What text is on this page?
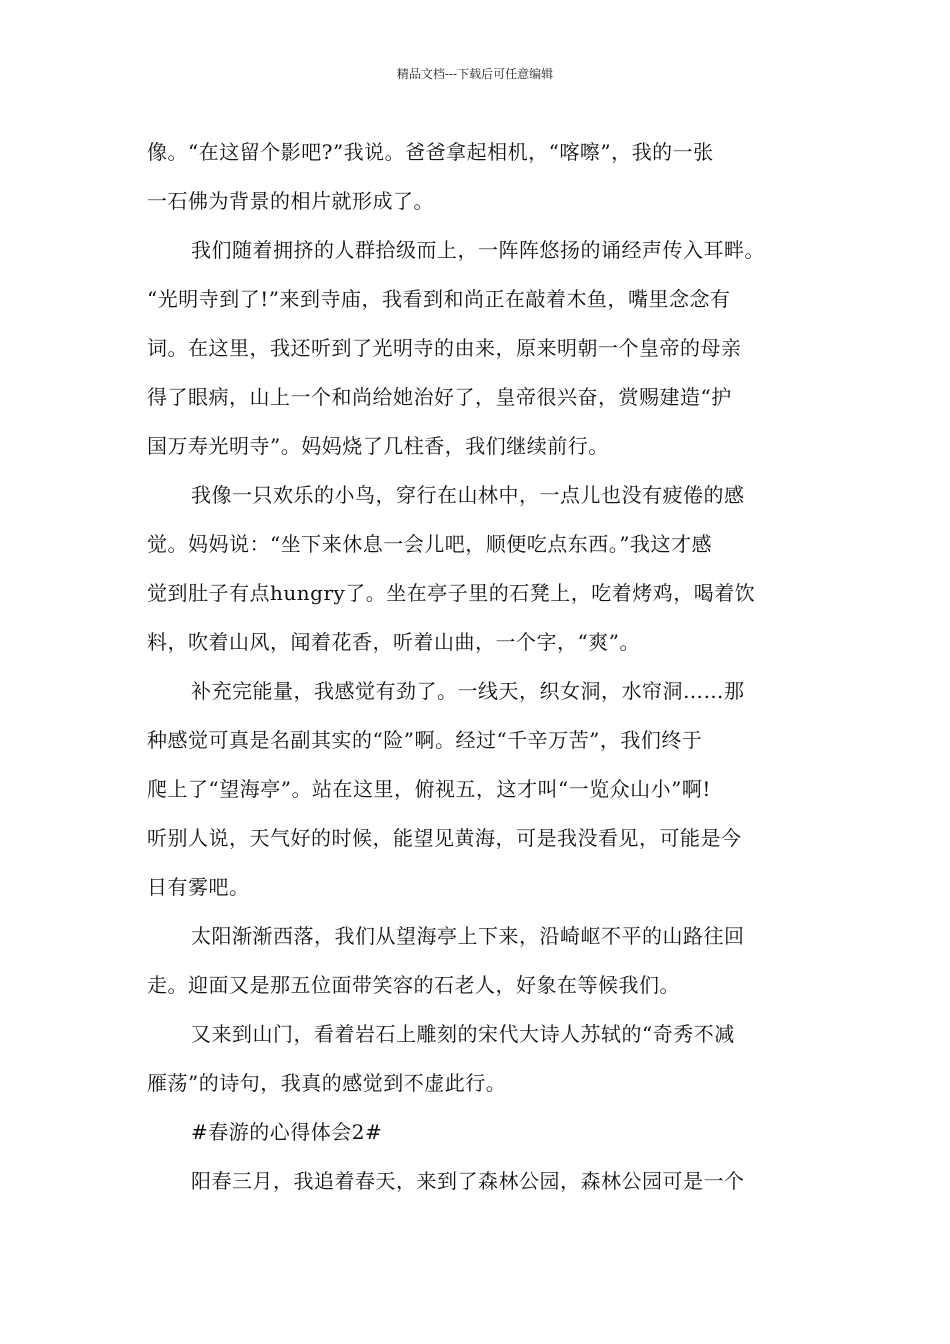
精品文档---下载后可任意编辑
像。“在这留个影吧?”我说。爸爸拿起相机，“喀嚓”，我的一张
一石佛为背景的相片就形成了。
我们随着拥挤的人群拾级而上，一阵阵悠扬的诵经声传入耳畔。
“光明寺到了!”来到寺庙，我看到和尚正在敲着木鱼，嘴里念念有
词。在这里，我还听到了光明寺的由来，原来明朝一个皇帝的母亲
得了眼病，山上一个和尚给她治好了，皇帝很兴奋，赏赐建造“护
国万寿光明寺”。妈妈烧了几柱香，我们继续前行。
我像一只欢乐的小鸟，穿行在山林中，一点儿也没有疲倦的感
觉。妈妈说：“坐下来休息一会儿吧，顺便吃点东西。”我这才感
觉到肚子有点hungry了。坐在亭子里的石凳上，吃着烤鸡，喝着饮
料，吹着山风，闻着花香，听着山曲，一个字，“爽”。
补充完能量，我感觉有劲了。一线天，织女洞，水帘洞……那
种感觉可真是名副其实的“险”啊。经过“千辛万苦”，我们终于
爬上了“望海亭”。站在这里，俯视五，这才叫“一览众山小”啊!
听别人说，天气好的时候，能望见黄海，可是我没看见，可能是今
日有雾吧。
太阳渐渐西落，我们从望海亭上下来，沿崎岖不平的山路往回
走。迎面又是那五位面带笑容的石老人，好象在等候我们。
又来到山门，看着岩石上雕刻的宋代大诗人苏轼的“奇秀不减
雁荡”的诗句，我真的感觉到不虚此行。
#春游的心得体会2#
阳春三月，我追着春天，来到了森林公园，森林公园可是一个
